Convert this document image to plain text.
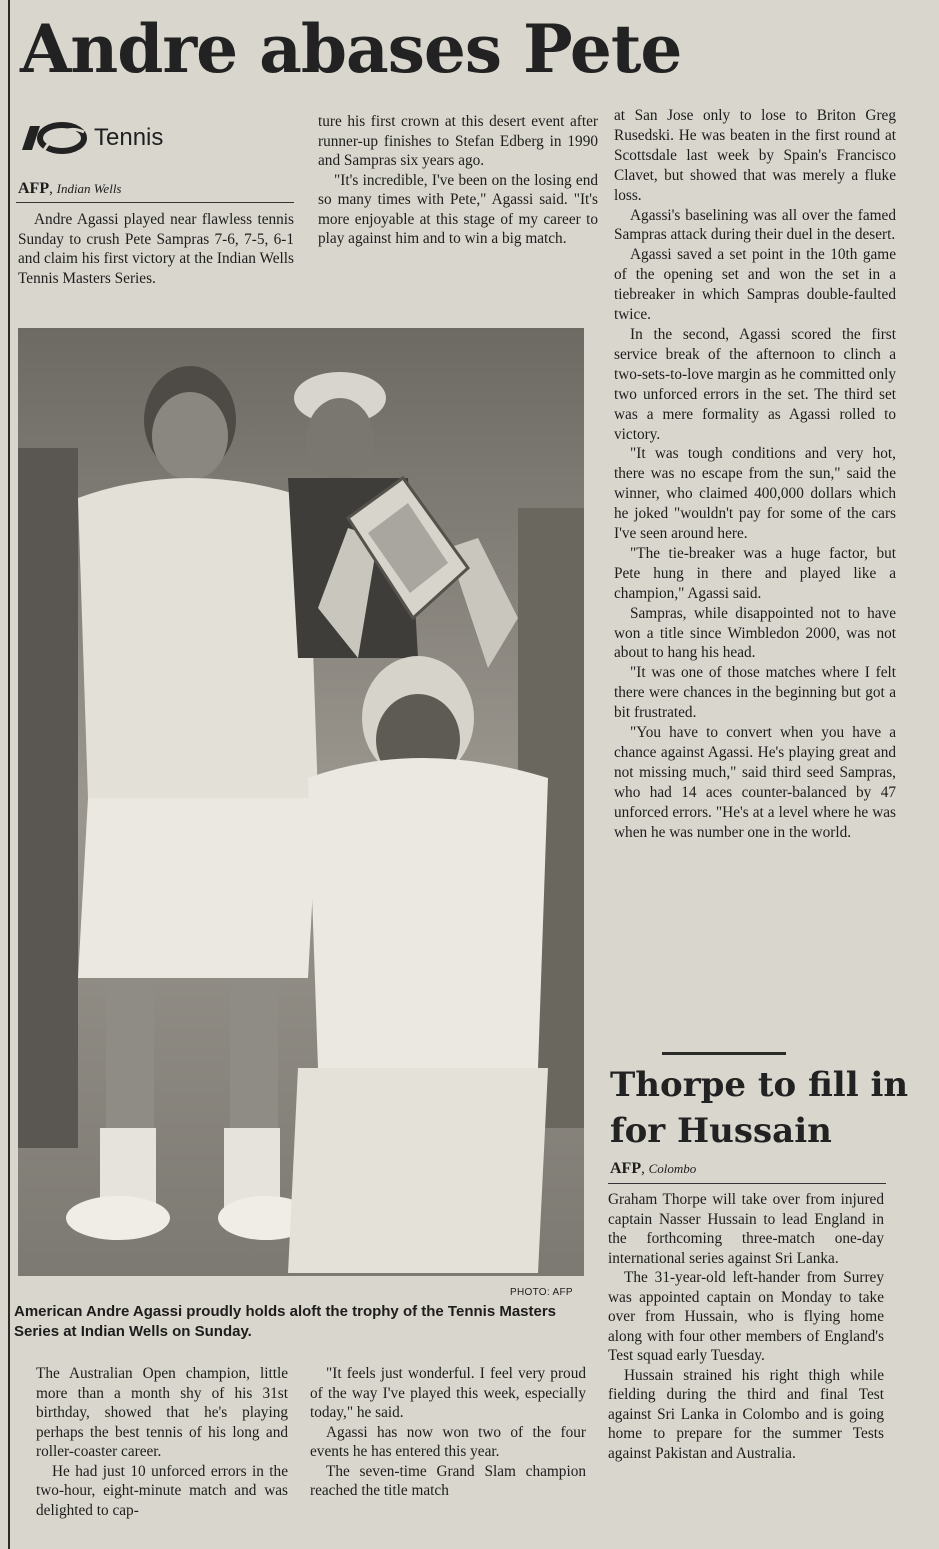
Andre abases Pete
Tennis
AFP, Indian Wells

Andre Agassi played near flawless tennis Sunday to crush Pete Sampras 7-6, 7-5, 6-1 and claim his first victory at the Indian Wells Tennis Masters Series.

ture his first crown at this desert event after runner-up finishes to Stefan Edberg in 1990 and Sampras six years ago.

"It's incredible, I've been on the losing end so many times with Pete," Agassi said. "It's more enjoyable at this stage of my career to play against him and to win a big match.

at San Jose only to lose to Briton Greg Rusedski. He was beaten in the first round at Scottsdale last week by Spain's Francisco Clavet, but showed that was merely a fluke loss.

Agassi's baselining was all over the famed Sampras attack during their duel in the desert.

Agassi saved a set point in the 10th game of the opening set and won the set in a tiebreaker in which Sampras double-faulted twice.

In the second, Agassi scored the first service break of the afternoon to clinch a two-sets-to-love margin as he committed only two unforced errors in the set. The third set was a mere formality as Agassi rolled to victory.

"It was tough conditions and very hot, there was no escape from the sun," said the winner, who claimed 400,000 dollars which he joked "wouldn't pay for some of the cars I've seen around here.

"The tie-breaker was a huge factor, but Pete hung in there and played like a champion," Agassi said.

Sampras, while disappointed not to have won a title since Wimbledon 2000, was not about to hang his head.

"It was one of those matches where I felt there were chances in the beginning but got a bit frustrated.

"You have to convert when you have a chance against Agassi. He's playing great and not missing much," said third seed Sampras, who had 14 aces counter-balanced by 47 unforced errors. "He's at a level where he was when he was number one in the world.

PHOTO: AFP

American Andre Agassi proudly holds aloft the trophy of the Tennis Masters Series at Indian Wells on Sunday.

The Australian Open champion, little more than a month shy of his 31st birthday, showed that he's playing perhaps the best tennis of his long and roller-coaster career.

He had just 10 unforced errors in the two-hour, eight-minute match and was delighted to cap-

"It feels just wonderful. I feel very proud of the way I've played this week, especially today," he said.

Agassi has now won two of the four events he has entered this year.

The seven-time Grand Slam champion reached the title match

Thorpe to fill in for Hussain
AFP, Colombo

Graham Thorpe will take over from injured captain Nasser Hussain to lead England in the forthcoming three-match one-day international series against Sri Lanka.

The 31-year-old left-hander from Surrey was appointed captain on Monday to take over from Hussain, who is flying home along with four other members of England's Test squad early Tuesday.

Hussain strained his right thigh while fielding during the third and final Test against Sri Lanka in Colombo and is going home to prepare for the summer Tests against Pakistan and Australia.
